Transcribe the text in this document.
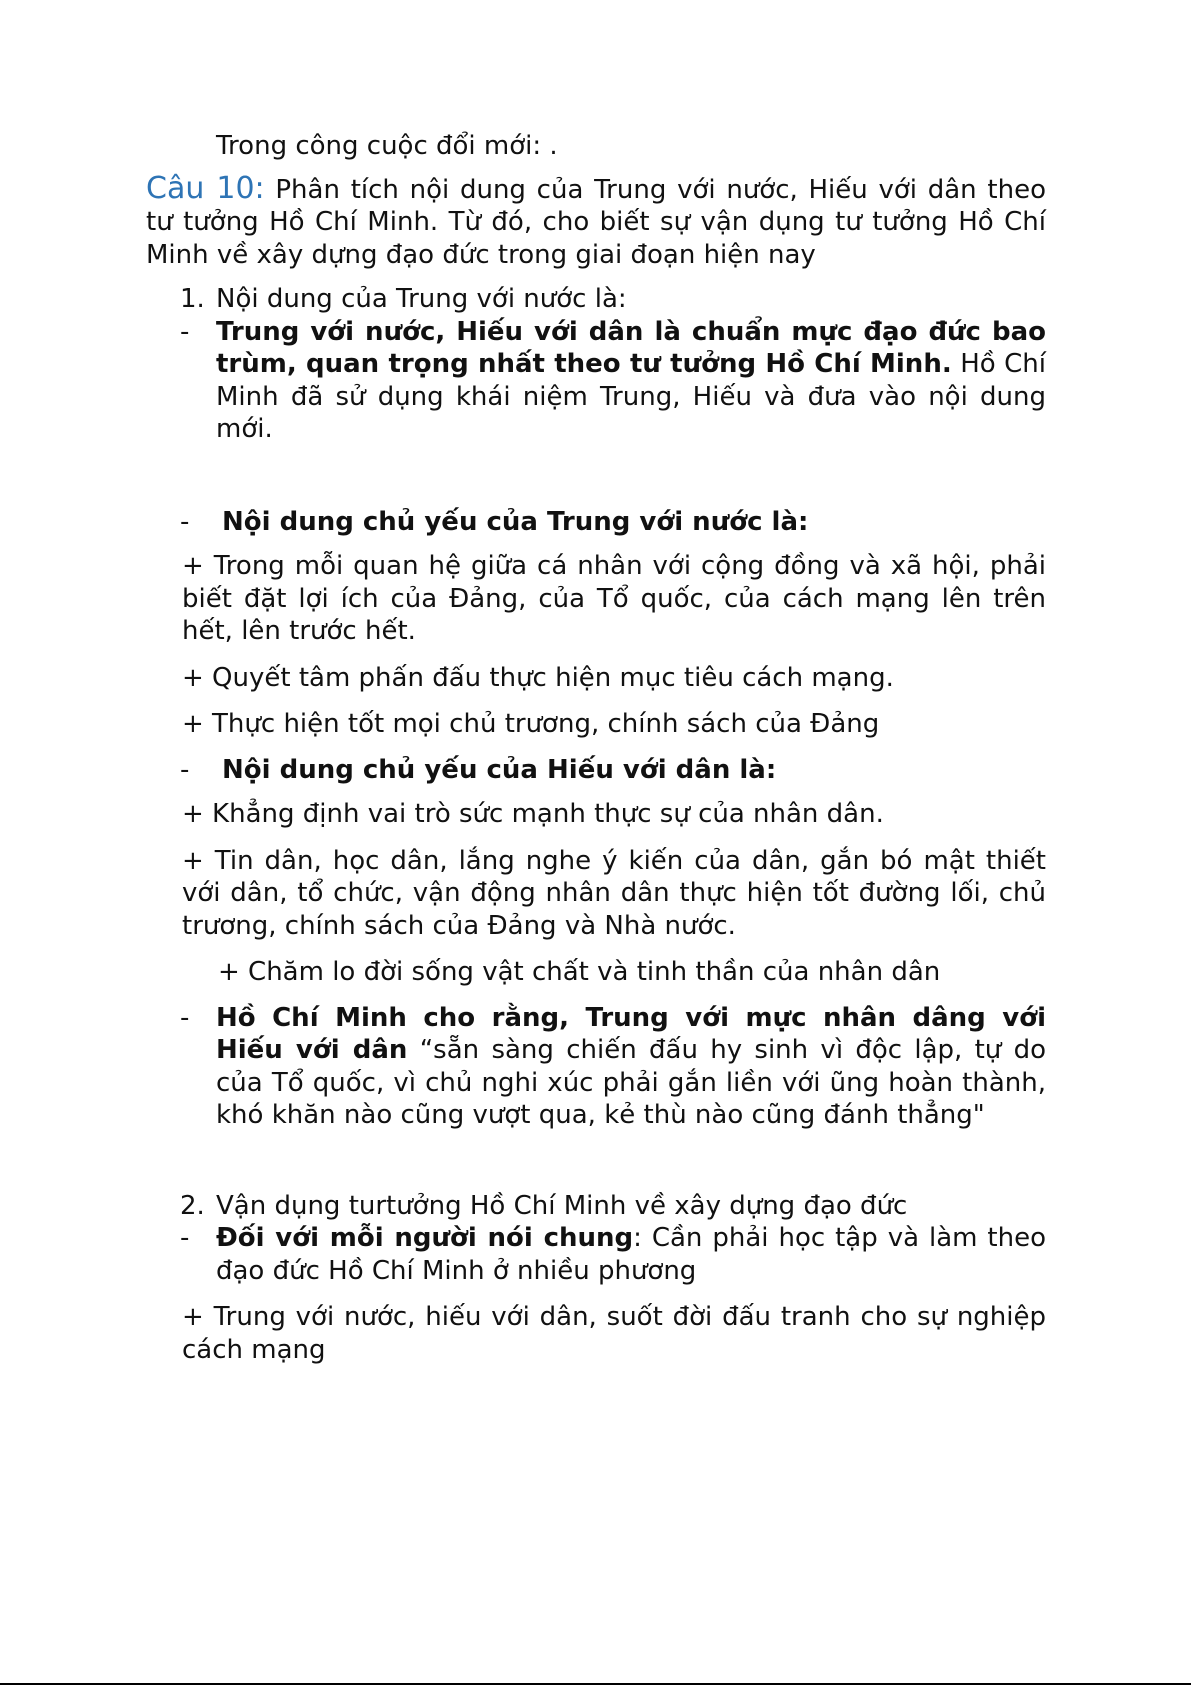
Trong công cuộc đổi mới: .

Câu 10: Phân tích nội dung của Trung với nước, Hiếu với dân theo tư tưởng Hồ Chí Minh. Từ đó, cho biết sự vận dụng tư tưởng Hồ Chí Minh về xây dựng đạo đức trong giai đoạn hiện nay

1. Nội dung của Trung với nước là:
- Trung với nước, Hiếu với dân là chuẩn mực đạo đức bao trùm, quan trọng nhất theo tư tưởng Hồ Chí Minh. Hồ Chí Minh đã sử dụng khái niệm Trung, Hiếu và đưa vào nội dung mới.
- Nội dung chủ yếu của Trung với nước là:

+ Trong mỗi quan hệ giữa cá nhân với cộng đồng và xã hội, phải biết đặt lợi ích của Đảng, của Tổ quốc, của cách mạng lên trên hết, lên trước hết.

+ Quyết tâm phấn đấu thực hiện mục tiêu cách mạng.

+ Thực hiện tốt mọi chủ trương, chính sách của Đảng

- Nội dung chủ yếu của Hiếu với dân là:

+ Khẳng định vai trò sức mạnh thực sự của nhân dân.

+ Tin dân, học dân, lắng nghe ý kiến của dân, gắn bó mật thiết với dân, tổ chức, vận động nhân dân thực hiện tốt đường lối, chủ trương, chính sách của Đảng và Nhà nước.

+ Chăm lo đời sống vật chất và tinh thần của nhân dân

- Hồ Chí Minh cho rằng, Trung với mực nhân dâng với Hiếu với dân “sẵn sàng chiến đấu hy sinh vì độc lập, tự do của Tổ quốc, vì chủ nghi xúc phải gắn liền với ũng hoàn thành, khó khăn nào cũng vượt qua, kẻ thù nào cũng đánh thẳng"
2. Vận dụng turtưởng Hồ Chí Minh về xây dựng đạo đức
- Đối với mỗi người nói chung: Cần phải học tập và làm theo đạo đức Hồ Chí Minh ở nhiều phương

+ Trung với nước, hiếu với dân, suốt đời đấu tranh cho sự nghiệp cách mạng
